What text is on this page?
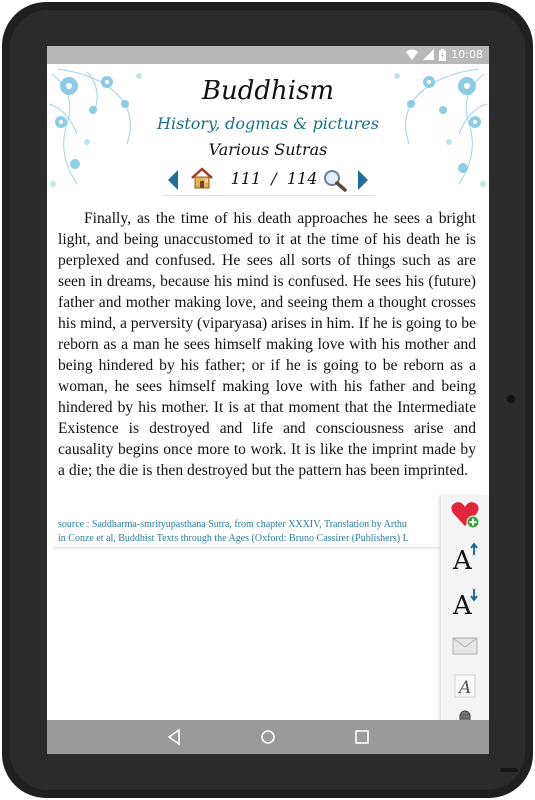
10:08
Buddhism
History, dogmas & pictures
Various Sutras
111 / 114

Finally, as the time of his death approaches he sees a bright light, and being unaccustomed to it at the time of his death he is perplexed and confused. He sees all sorts of things such as are seen in dreams, because his mind is confused. He sees his (future) father and mother making love, and seeing them a thought crosses his mind, a perversity (viparyasa) arises in him. If he is going to be reborn as a man he sees himself making love with his mother and being hindered by his father; or if he is going to be reborn as a woman, he sees himself making love with his father and being hindered by his mother. It is at that moment that the Intermediate Existence is destroyed and life and consciousness arise and causality begins once more to work. It is like the imprint made by a die; the die is then destroyed but the pattern has been imprinted.

source : Saddharma-smrityupasthana Sutra, from chapter XXXIV, Translation by Arthu
in Conze et al, Buddhist Texts through the Ages (Oxford: Bruno Cassirer (Publishers) L
A
A
A
